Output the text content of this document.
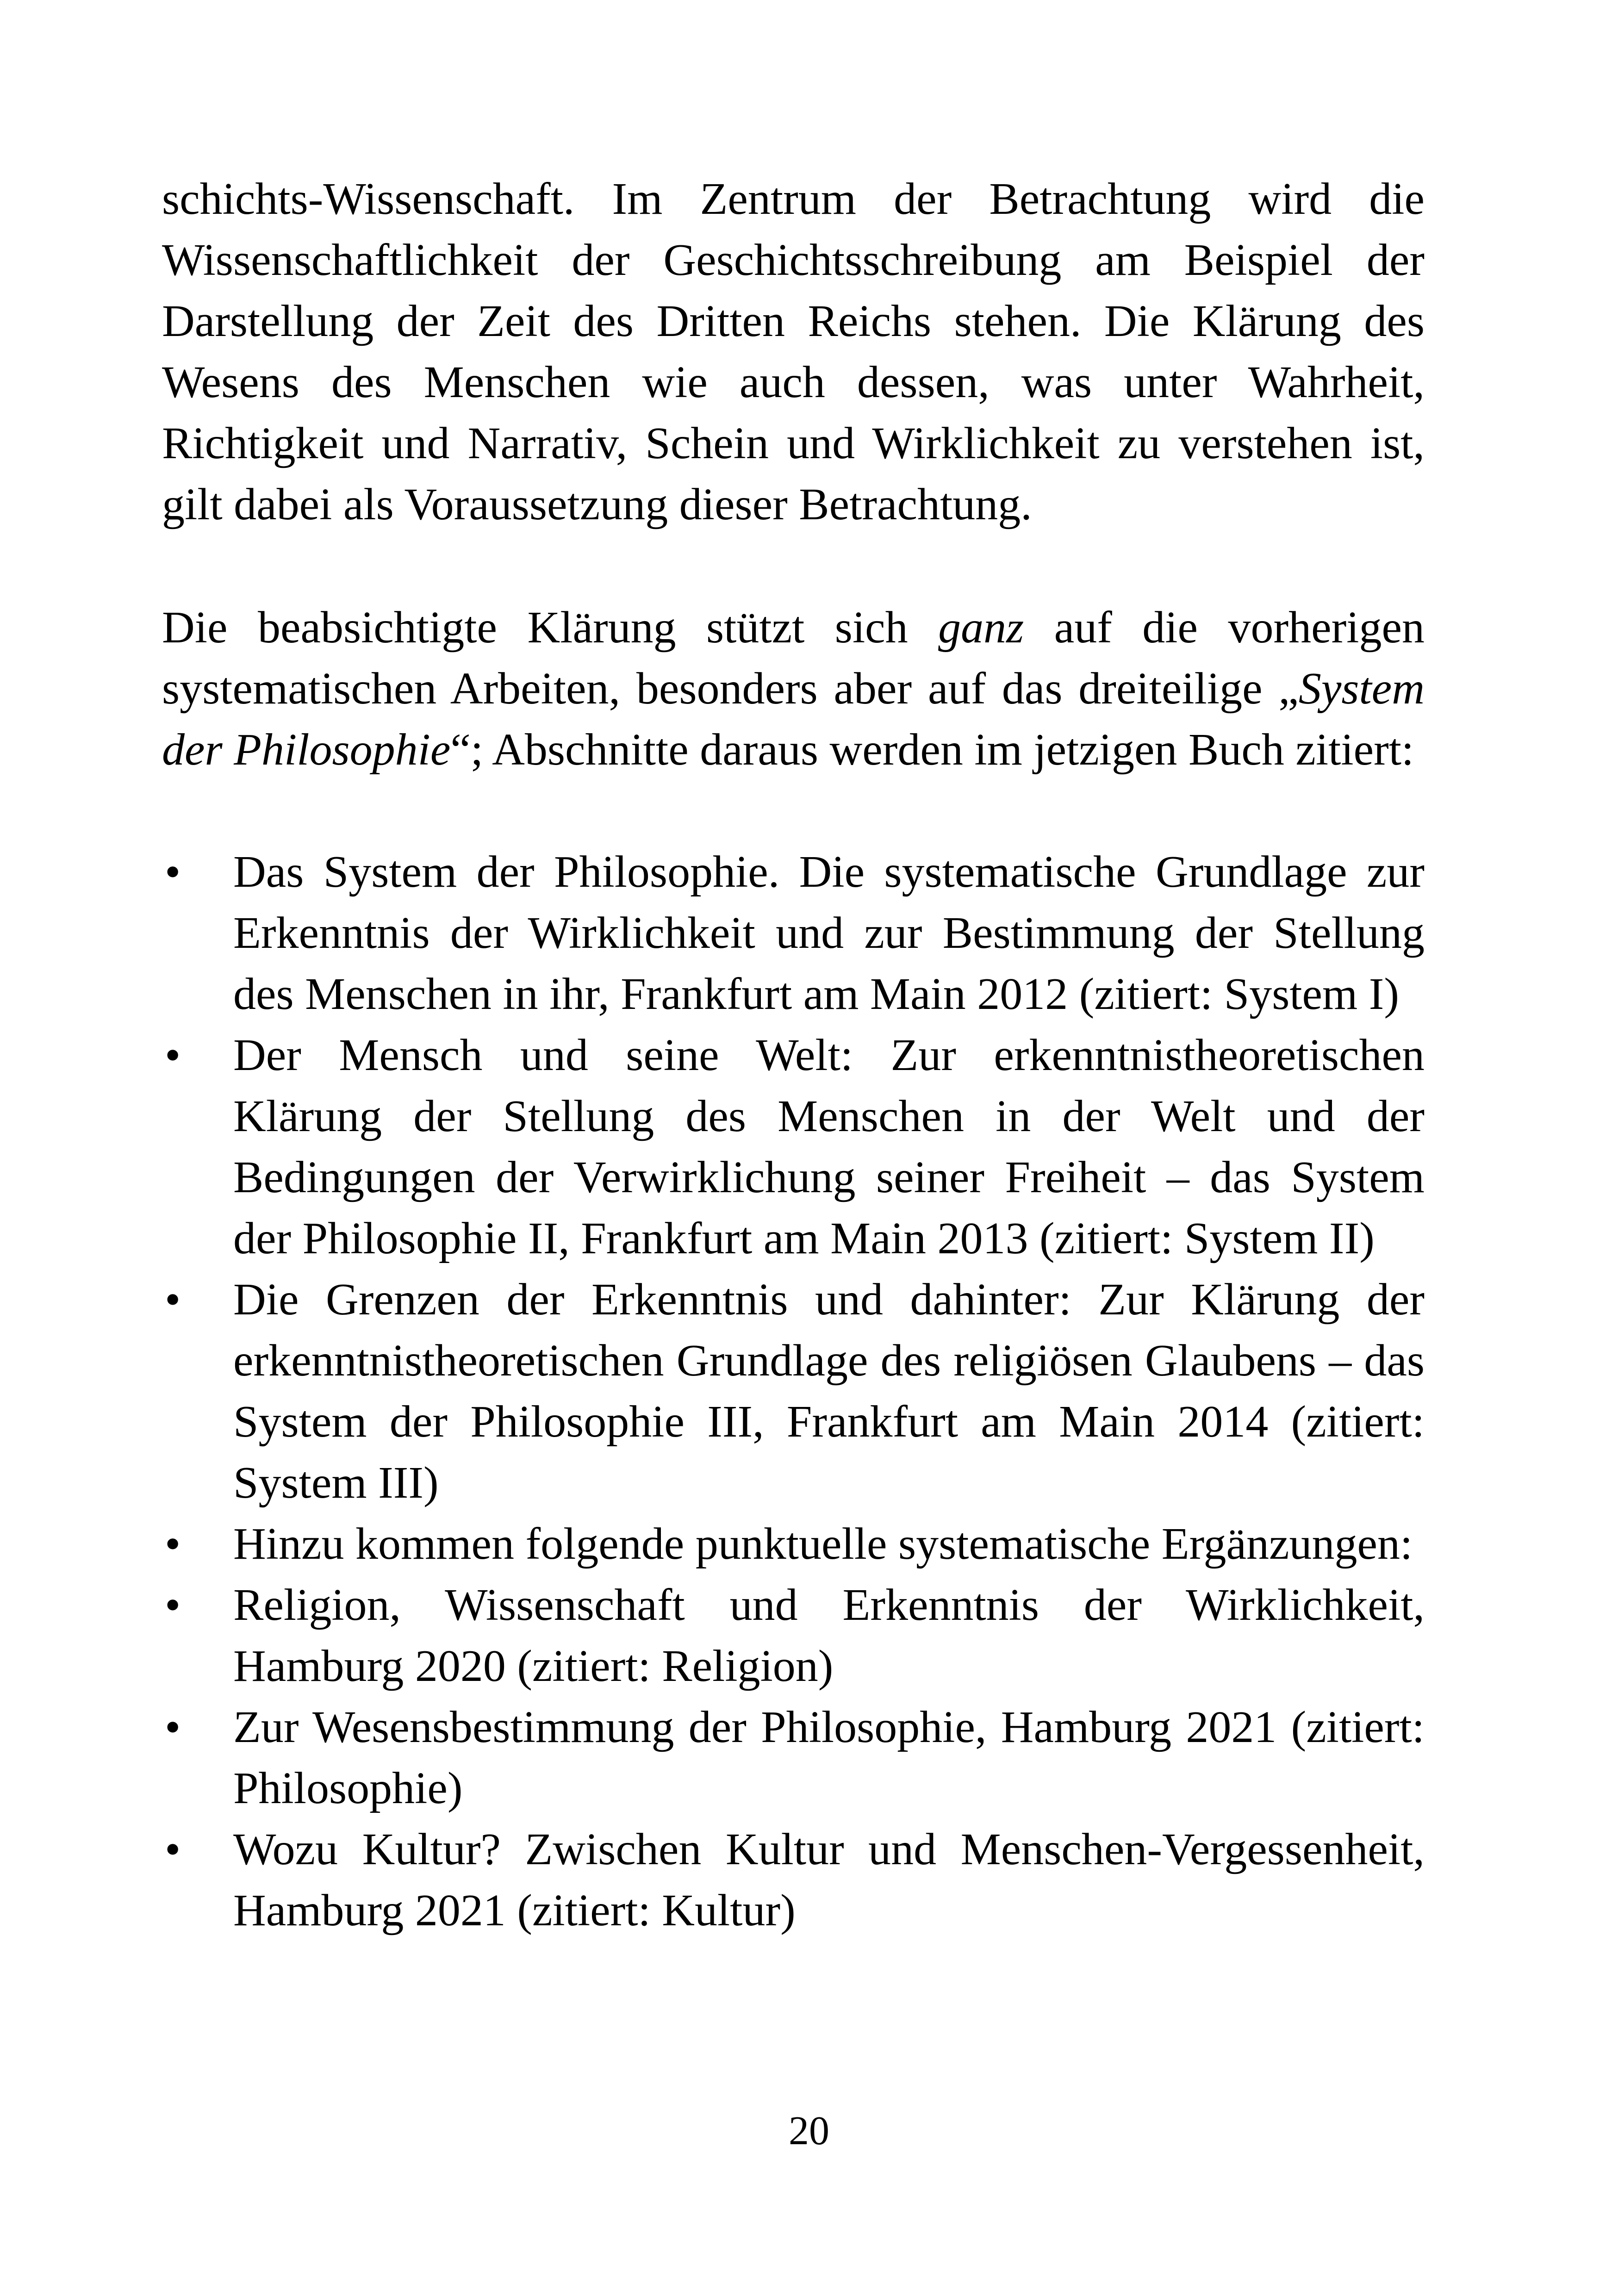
schichts-Wissenschaft. Im Zentrum der Betrachtung wird die Wissenschaftlichkeit der Geschichtsschreibung am Beispiel der Darstellung der Zeit des Dritten Reichs stehen. Die Klärung des Wesens des Menschen wie auch dessen, was unter Wahrheit, Richtigkeit und Narrativ, Schein und Wirklichkeit zu verstehen ist, gilt dabei als Voraussetzung dieser Betrachtung.

Die beabsichtigte Klärung stützt sich ganz auf die vorherigen systematischen Arbeiten, besonders aber auf das dreiteilige „System der Philosophie“; Abschnitte daraus werden im jetzigen Buch zitiert:

• Das System der Philosophie. Die systematische Grundlage zur Erkenntnis der Wirklichkeit und zur Bestimmung der Stellung des Menschen in ihr, Frankfurt am Main 2012 (zitiert: System I)
• Der Mensch und seine Welt: Zur erkenntnistheoretischen Klärung der Stellung des Menschen in der Welt und der Bedingungen der Verwirklichung seiner Freiheit – das System der Philosophie II, Frankfurt am Main 2013 (zitiert: System II)
• Die Grenzen der Erkenntnis und dahinter: Zur Klärung der erkenntnistheoretischen Grundlage des religiösen Glaubens – das System der Philosophie III, Frankfurt am Main 2014 (zitiert: System III)
• Hinzu kommen folgende punktuelle systematische Ergänzungen:
• Religion, Wissenschaft und Erkenntnis der Wirklichkeit, Hamburg 2020 (zitiert: Religion)
• Zur Wesensbestimmung der Philosophie, Hamburg 2021 (zitiert: Philosophie)
• Wozu Kultur? Zwischen Kultur und Menschen-Vergessenheit, Hamburg 2021 (zitiert: Kultur)
20
